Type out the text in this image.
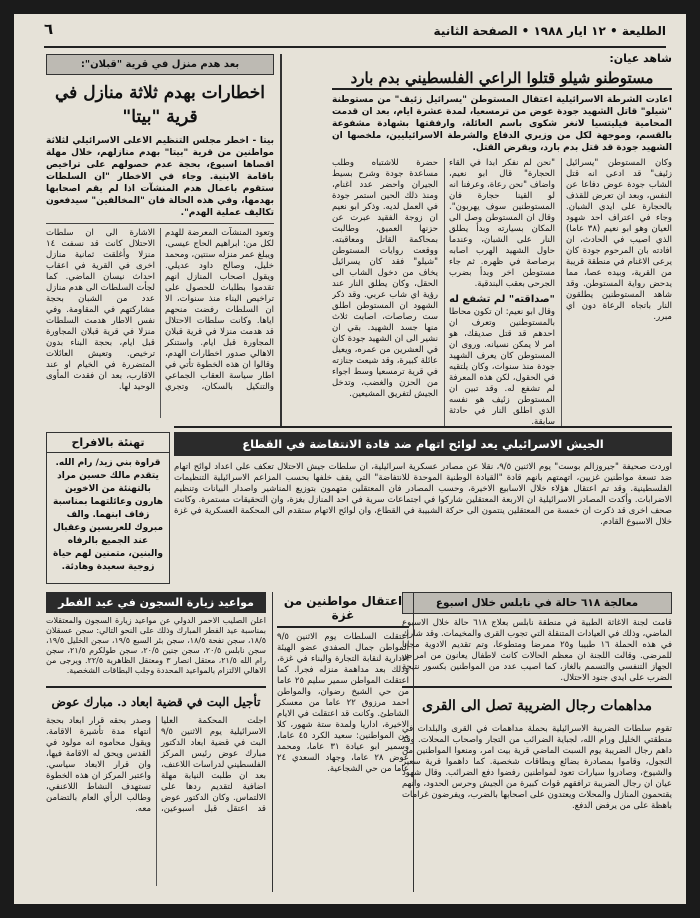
الطليعة • ١٢ ايار ١٩٨٨ • الصفحة الثانية
٦
شاهد عيان:
مستوطنو شيلو قتلوا الراعي الفلسطيني بدم بارد
اعادت الشرطة الاسرائيلية اعتقال المستوطن "يسرائيل زئيف" من مستوطنة "شيلو" قاتل الشهيد جودة عوض من ترمسعيا، لمدة عشرة ايام، بعد ان قدمت المحامية فيليتسيا لانغر شكوى باسم العائلة، وارفقتها بشهادة مشفوعة بالقسم، وموجهة لكل من وزيري الدفاع والشرطة الاسرائيليين، ملخصها ان الشهيد جودة قد قتل بدم بارد، ويقرض القتل.
وكان المستوطن "يسرائيل زئيف" قد ادعى انه قتل الشاب جودة عوض دفاعا عن النفس، وبعد ان تعرض للقذف بالحجارة على ايدي الشبان. وجاء في اعتراف احد شهود العيان وهو ابو نعيم (٣٨ عاما) الذي اصيب في الحادث، ان افادته بان المرحوم جودة كان يرعى الاغنام في منطقة قريبة من القرية، وبيده عصا، مما يدحض رواية المستوطن. وقد شاهد المستوطنين يطلقون النار باتجاه الرعاة دون اي مبرر.
"نحن لم نفكر ابدا في القاء الحجارة" قال ابو نعيم، واضاف "نحن رعاة، وعرفنا انه لو القينا حجارة فان المستوطنين سوف يهربون". وقال ان المستوطن وصل الى المكان بسيارته وبدأ يطلق النار على الشبان، وعندما حاول الشهيد الهرب اصابه برصاصة في ظهره. ثم جاء مستوطن اخر وبدأ بضرب الجرحى بعقب البندقية.
"صداقته" لم تشفع له
وقال ابو نعيم: ان تكون محاطا بالمستوطنين وتعرف ان احدهم قد قتل صديقك، هو امر لا يمكن نسيانه. وروى ان المستوطن كان يعرف الشهيد جودة منذ سنوات، وكان يلتقيه في الحقول، لكن هذه المعرفة لم تشفع له. وقد تبين ان المستوطن زئيف هو نفسه الذي اطلق النار في حادثة سابقة.
حضرة للاشتباه وطلب مساعدة جودة وشرح بسيط الجيران واحضر عدد اغنام، ومنذ ذلك الحين استمر جودة في العمل لديه. وذكر ابو نعيم ان زوجة الفقيد عبرت عن حزنها العميق، وطالبت بمحاكمة القاتل ومعاقبته. ووقعت روايات المستوطن "شيلو" فقد كان يسرائيل يخاف من دخول الشاب الى الحقل، وكان يطلق النار عند رؤية اي شاب عربي. وقد ذكر الشهود ان المستوطن اطلق ست رصاصات، اصابت ثلاث منها جسد الشهيد. بقي ان نشير الى ان الشهيد جودة كان في العشرين من عمره، ويعيل عائلة كبيرة، وقد شيعت جنازته في قرية ترمسعيا وسط اجواء من الحزن والغضب، وتدخل الجيش لتفريق المشيعين.
بعد هدم منزل في قرية "قبلان":
اخطارات بهدم ثلاثة منازل في قرية "بيتا"
بيتا - اخطر مجلس التنظيم الاعلى الاسرائيلي لثلاثة مواطنين من قرية "بيتا" بهدم منازلهم، خلال مهلة اقصاها اسبوع، بحجة عدم حصولهم على تراخيص باقامة الابنية. وجاء في الاخطار "ان السلطات ستقوم باعمال هدم المنشآت اذا لم يقم اصحابها بهدمها، وفي هذه الحالة فان "المخالفين" سيدفعون تكاليف عملية الهدم".
وتعود المنشآت المعرضة للهدم لكل من: ابراهيم الحاج عيسى، ويبلغ عمر منزله سنتين، ومحمد خليل، وصالح داود عديلي. ويقول اصحاب المنازل انهم تقدموا بطلبات للحصول على تراخيص البناء منذ سنوات، الا ان السلطات رفضت منحهم اياها. وكانت سلطات الاحتلال قد هدمت منزلا في قرية قبلان المجاورة قبل ايام. واستنكر الاهالي صدور اخطارات الهدم، وقالوا ان هذه الخطوة تأتي في اطار سياسة العقاب الجماعي والتنكيل بالسكان، وتجري الاشارة الى ان سلطات الاحتلال كانت قد نسفت ١٤ منزلا وأغلقت ثمانية منازل اخرى في القرية في اعقاب احداث نيسان الماضي. كما لجأت السلطات الى هدم منازل عدد من الشبان بحجة مشاركتهم في المقاومة. وفي نفس الاطار هدمت السلطات منزلا في قرية قبلان المجاورة قبل ايام، بحجة البناء بدون ترخيص. وتعيش العائلات المتضررة في الخيام او عند الاقارب، بعد ان فقدت المأوى الوحيد لها.
الجيش الاسرائيلي يعد لوائح اتهام ضد قادة الانتفاضة في القطاع
اوردت صحيفة "جيروزالم بوست" يوم الاثنين ٩/٥، نقلا عن مصادر عسكرية اسرائيلية، ان سلطات جيش الاحتلال تعكف على اعداد لوائح اتهام ضد تسعة مواطنين غزيين، اتهمتهم بانهم قادة "القيادة الوطنية الموحدة للانتفاضة" التي يقف خلفها بحسب المزاعم الاسرائيلية التنظيمات الفلسطينية. وقد تم اعتقال هؤلاء خلال الاسابيع الاخيرة، وحسب المصادر فان المعتقلين متهمون بتوزيع المناشير واصدار البيانات وتنظيم الاضرابات. وأكدت المصادر الاسرائيلية ان الاربعة المعتقلين شاركوا في اجتماعات سرية في احد المنازل بغزة، وان التحقيقات مستمرة. وكانت صحف اخرى قد ذكرت ان خمسة من المعتقلين ينتمون الى حركة الشبيبة في القطاع، وان لوائح الاتهام ستقدم الى المحكمة العسكرية في غزة خلال الاسبوع القادم.
تهنئة بالافراح
قراوة بني زيد/ رام الله. يتقدم مالك حسين مراد بالتهنئة من الاخوين هارون وعائلتهما بمناسبة زفاف ابنهما. والف مبروك للعريسين وعقبال عند الجميع بالرفاه والبنين، متمنين لهم حياة زوجية سعيدة وهادئة.
معالجة ٦١٨ حالة في نابلس خلال اسبوع
قامت لجنة الاغاثة الطبية في منطقة نابلس بعلاج ٦١٨ حالة خلال الاسبوع الماضي، وذلك في العيادات المتنقلة التي تجوب القرى والمخيمات. وقد شارك في هذه الحملة ١٦ طبيبا و٢٥ ممرضا ومتطوعا، وتم تقديم الادوية مجانا للمرضى. وقالت اللجنة ان معظم الحالات كانت لاطفال يعانون من امراض الجهاز التنفسي والتسمم بالغاز، كما اصيب عدد من المواطنين بكسور نتيجة الضرب على ايدي جنود الاحتلال.
مداهمات رجال الضريبة تصل الى القرى
تقوم سلطات الضريبة الاسرائيلية بحملة مداهمات في القرى والبلدات في منطقتي الخليل ورام الله، لجباية الضرائب من التجار واصحاب المحلات. وقد داهم رجال الضريبة يوم السبت الماضي قرية بيت امر، ومنعوا المواطنين من التجول، وقاموا بمصادرة بضائع وبطاقات شخصية. كما داهموا قرية سعير والشيوخ، وصادروا سيارات تعود لمواطنين رفضوا دفع الضرائب. وقال شهود عيان ان رجال الضريبة ترافقهم قوات كبيرة من الجيش وحرس الحدود، وانهم يقتحمون المنازل والمحلات ويعتدون على اصحابها بالضرب، ويفرضون غرامات باهظة على من يرفض الدفع.
اعتقال مواطنين من غزة
اعتقلت السلطات يوم الاثنين ٩/٥ المواطن جمال الصفدي عضو الهيئة الادارية لنقابة التجارة والبناء في غزة، وذلك بعد مداهمة منزله فجرا. كما اعتقلت المواطن سمير سليم ٢٥ عاما من حي الشيخ رضوان، والمواطن احمد مرزوق ٢٢ عاما من معسكر الشاطئ. وكانت قد اعتقلت في الايام الاخيرة، اداريا ولمدة ستة شهور، كلا من المواطنين: سعيد الكرد ٤٥ عاما، وسمير ابو عيادة ٣١ عاما، ومحمد عوض ٢٨ عاما، وجهاد السعدي ٢٤ عاما من حي الشجاعية.
مواعيد زيارة السجون في عيد الفطر
اعلن الصليب الاحمر الدولي عن مواعيد زيارة السجون والمعتقلات بمناسبة عيد الفطر المبارك وذلك على النحو التالي: سجن عسقلان ١٨/٥، سجن نفحة ١٨/٥، سجن بئر السبع ١٩/٥، سجن الخليل ١٩/٥، سجن نابلس ٢٠/٥، سجن جنين ٢٠/٥، سجن طولكرم ٢١/٥، سجن رام الله ٢١/٥، معتقل انصار ٣ ومعتقل الظاهرية ٢٢/٥. ويرجى من الاهالي الالتزام بالمواعيد المحددة وجلب البطاقات الشخصية.
تأجيل البت في قضية ابعاد د. مبارك عوض
اجلت المحكمة العليا الاسرائيلية يوم الاثنين ٩/٥ البت في قضية ابعاد الدكتور مبارك عوض رئيس المركز الفلسطيني لدراسات اللاعنف، بعد ان طلبت النيابة مهلة اضافية لتقديم ردها على الالتماس. وكان الدكتور عوض قد اعتقل قبل اسبوعين، وصدر بحقه قرار ابعاد بحجة انتهاء مدة تأشيرة الاقامة. ويقول محاموه انه مولود في القدس ويحق له الاقامة فيها، وان قرار الابعاد سياسي. واعتبر المركز ان هذه الخطوة تستهدف النشاط اللاعنفي، وطالب الرأي العام بالتضامن معه.
